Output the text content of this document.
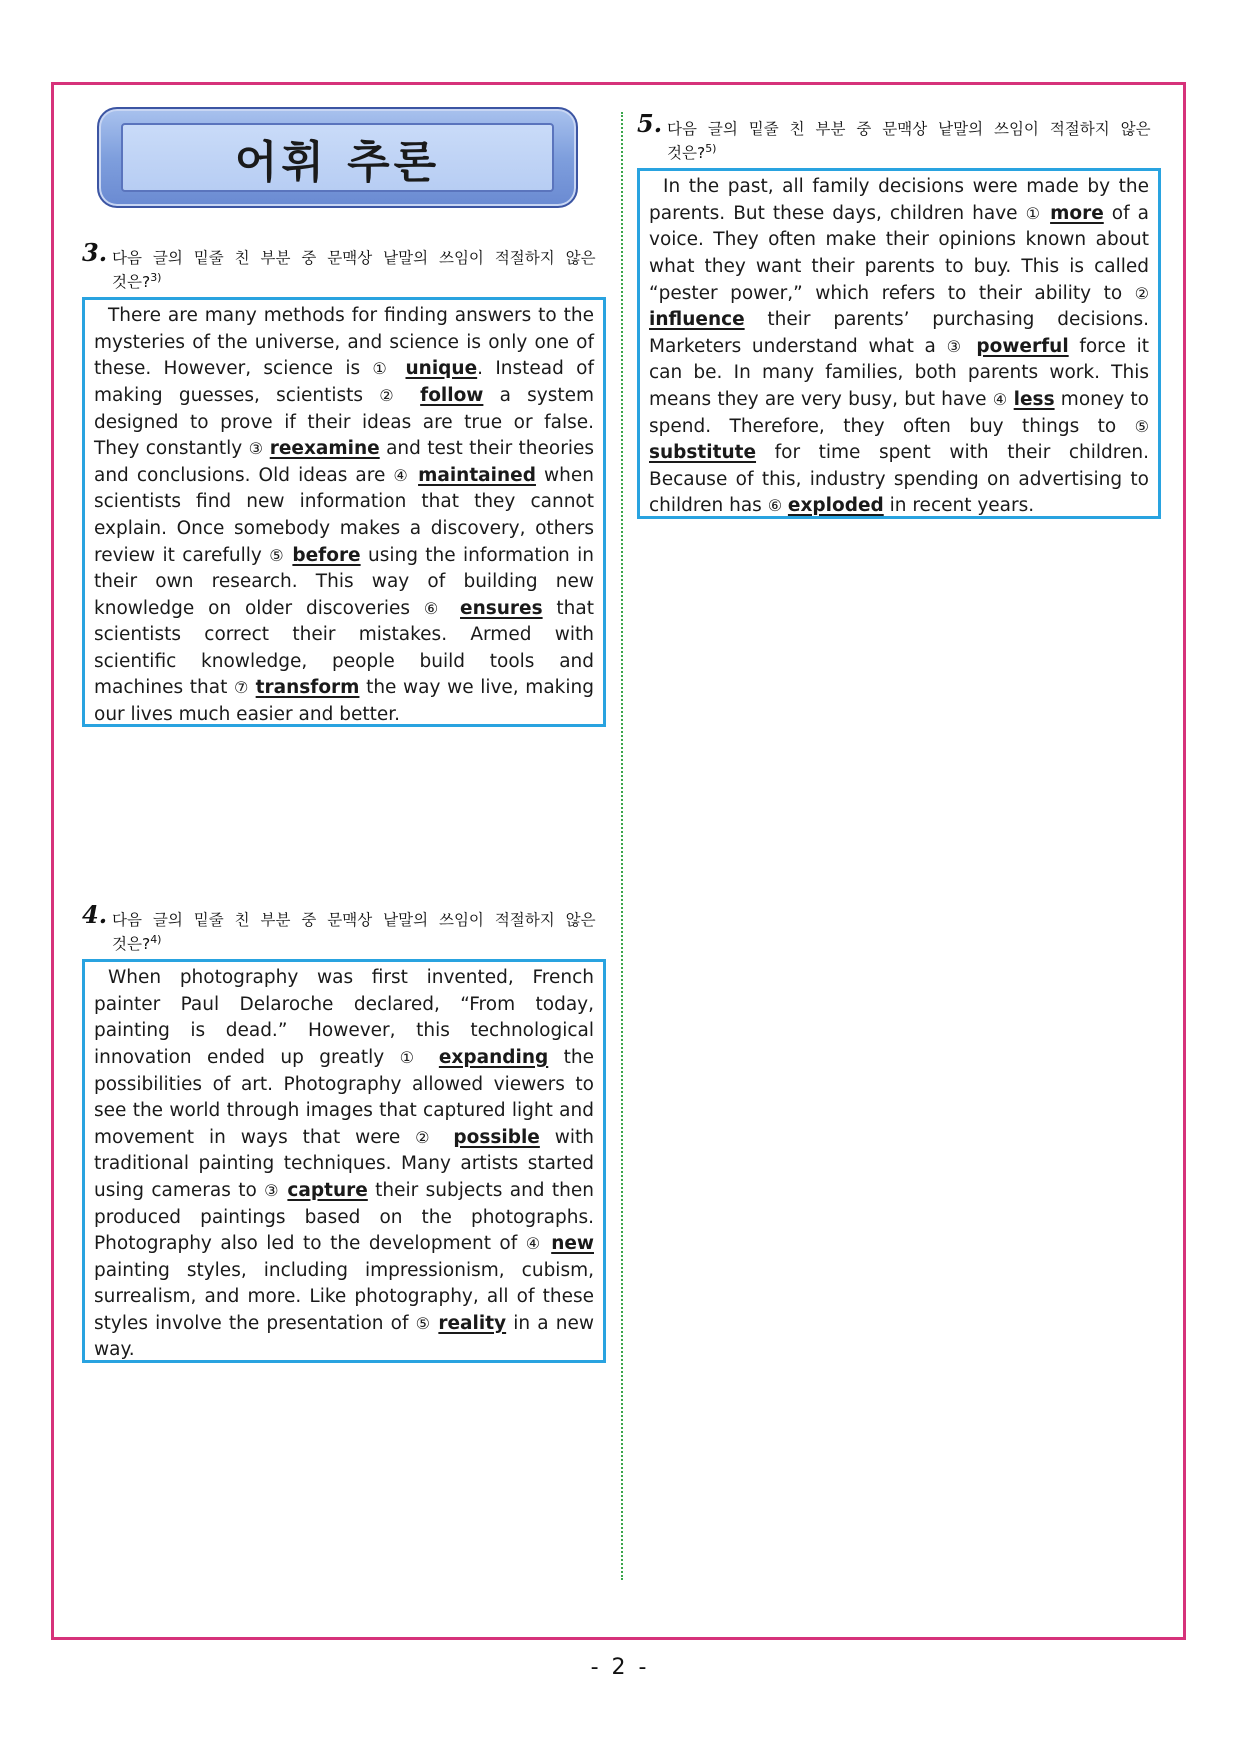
어휘 추론
3. 다음 글의 밑줄 친 부분 중 문맥상 낱말의 쓰임이 적절하지 않은 것은?$^{3)}$

There are many methods for finding answers to the mysteries of the universe, and science is only one of these. However, science is ① unique. Instead of making guesses, scientists ② follow a system designed to prove if their ideas are true or false. They constantly ③ reexamine and test their theories and conclusions. Old ideas are ④ maintained when scientists find new information that they cannot explain. Once somebody makes a discovery, others review it carefully ⑤ before using the information in their own research. This way of building new knowledge on older discoveries ⑥ ensures that scientists correct their mistakes. Armed with scientific knowledge, people build tools and machines that ⑦ transform the way we live, making our lives much easier and better.

4. 다음 글의 밑줄 친 부분 중 문맥상 낱말의 쓰임이 적절하지 않은 것은?$^{4)}$

When photography was first invented, French painter Paul Delaroche declared, “From today, painting is dead.” However, this technological innovation ended up greatly ① expanding the possibilities of art. Photography allowed viewers to see the world through images that captured light and movement in ways that were ② possible with traditional painting techniques. Many artists started using cameras to ③ capture their subjects and then produced paintings based on the photographs. Photography also led to the development of ④ new painting styles, including impressionism, cubism, surrealism, and more. Like photography, all of these styles involve the presentation of ⑤ reality in a new way.

5. 다음 글의 밑줄 친 부분 중 문맥상 낱말의 쓰임이 적절하지 않은 것은?$^{5)}$

In the past, all family decisions were made by the parents. But these days, children have ① more of a voice. They often make their opinions known about what they want their parents to buy. This is called “pester power,” which refers to their ability to ② influence their parents’ purchasing decisions. Marketers understand what a ③ powerful force it can be. In many families, both parents work. This means they are very busy, but have ④ less money to spend. Therefore, they often buy things to ⑤ substitute for time spent with their children. Because of this, industry spending on advertising to children has ⑥ exploded in recent years.

- 2 -
